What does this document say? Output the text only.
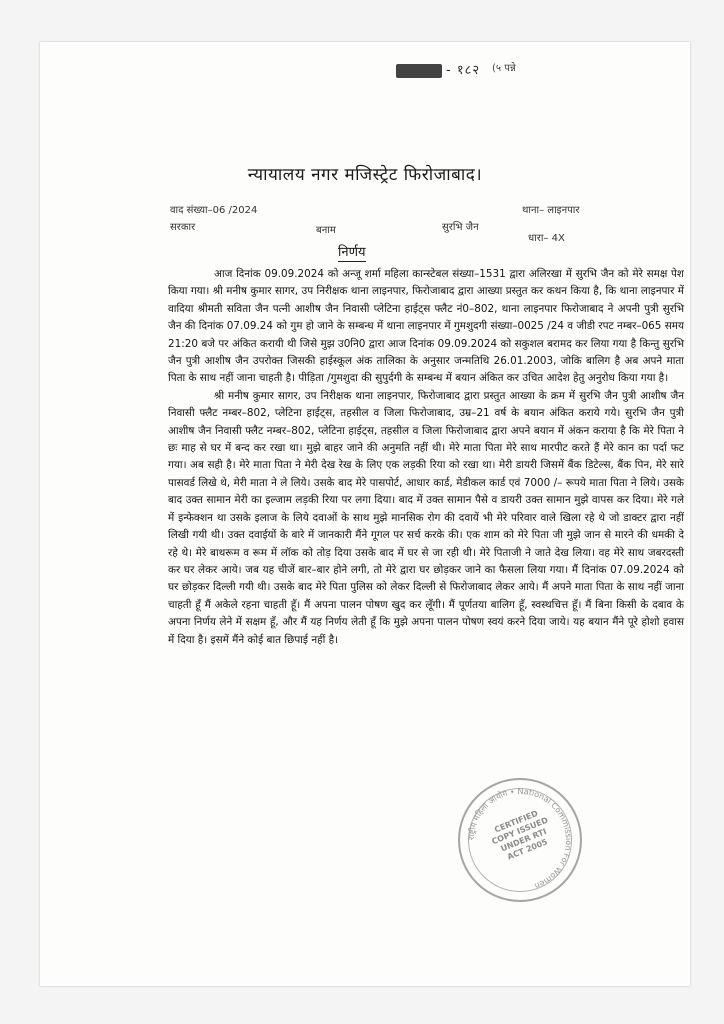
- १८२ (५ पन्ने
न्यायालय नगर मजिस्ट्रेट फिरोजाबाद।
वाद संख्या–06 /2024	थाना– लाइनपार
सरकार	बनाम	सुरभि जैन
धारा– 4X
निर्णय

आज दिनांक 09.09.2024 को अन्जू शर्मा महिला कान्स्टेबल संख्या–1531 द्वारा अलिरखा में सुरभि जैन को मेरे समक्ष पेश किया गया। श्री मनीष कुमार सागर, उप निरीक्षक थाना लाइनपार, फिरोजाबाद द्वारा आख्या प्रस्तुत कर कथन किया है, कि थाना लाइनपार में वादिया श्रीमती सविता जैन पत्नी आशीष जैन निवासी प्लेटिना हाईट्स फ्लैट नं0–802, थाना लाइनपार फिरोजाबाद ने अपनी पुत्री सुरभि जैन की दिनांक 07.09.24 को गुम हो जाने के सम्बन्ध में थाना लाइनपार में गुमशुदगी संख्या–0025 /24 व जीडी रपट नम्बर–065 समय 21:20 बजे पर अंकित करायी थी जिसे मुझ उ0नि0 द्वारा आज दिनांक 09.09.2024 को सकुशल बरामद कर लिया गया है किन्तु सुरभि जैन पुत्री आशीष जैन उपरोक्त जिसकी हाईस्कूल अंक तालिका के अनुसार जन्मतिथि 26.01.2003, जोकि बालिग है अब अपने माता पिता के साथ नहीं जाना चाहती है। पीड़िता /गुमशुदा की सुपुर्दगी के सम्बन्ध में बयान अंकित कर उचित आदेश हेतु अनुरोध किया गया है।

श्री मनीष कुमार सागर, उप निरीक्षक थाना लाइनपार, फिरोजाबाद द्वारा प्रस्तुत आख्या के क्रम में सुरभि जैन पुत्री आशीष जैन निवासी फ्लैट नम्बर–802, प्लेटिना हाईट्स, तहसील व जिला फिरोजाबाद, उम्र–21 वर्ष के बयान अंकित कराये गये। सुरभि जैन पुत्री आशीष जैन निवासी फ्लैट नम्बर–802, प्लेटिना हाईट्स, तहसील व जिला फिरोजाबाद द्वारा अपने बयान में अंकन कराया है कि मेरे पिता ने छः माह से घर में बन्द कर रखा था। मुझे बाहर जाने की अनुमति नहीं थी। मेरे माता पिता मेरे साथ मारपीट करते हैं मेरे कान का पर्दा फट गया। अब सही है। मेरे माता पिता ने मेरी देख रेख के लिए एक लड़की रिया को रखा था। मेरी डायरी जिसमें बैंक डिटेल्स, बैंक पिन, मेरे सारे पासवर्ड लिखे थे, मेरी माता ने ले लिये। उसके बाद मेरे पासपोर्ट, आधार कार्ड, मेडीकल कार्ड एवं 7000 /– रूपये माता पिता ने लिये। उसके बाद उक्त सामान मेरी का इल्जाम लड़की रिया पर लगा दिया। बाद में उक्त सामान पैसे व डायरी उक्त सामान मुझे वापस कर दिया। मेरे गले में इन्फेक्शन था उसके इलाज के लिये दवाओं के साथ मुझे मानसिक रोग की दवायें भी मेरे परिवार वाले खिला रहे थे जो डाक्टर द्वारा नहीं लिखी गयी थी। उक्त दवाईयों के बारे में जानकारी मैंने गूगल पर सर्च करके की। एक शाम को मेरे पिता जी मुझे जान से मारने की धमकी दे रहे थे। मेरे बाथरूम व रूम में लॉक को तोड़ दिया उसके बाद में घर से जा रही थी। मेरे पिताजी ने जाते देख लिया। वह मेरे साथ जबरदस्ती कर घर लेकर आये। जब यह चीजें बार–बार होने लगी, तो मेरे द्वारा घर छोड़कर जाने का फैसला लिया गया। मैं दिनांक 07.09.2024 को घर छोड़कर दिल्ली गयी थी। उसके बाद मेरे पिता पुलिस को लेकर दिल्ली से फिरोजाबाद लेकर आये। मैं अपने माता पिता के साथ नहीं जाना चाहती हूँ मैं अकेले रहना चाहती हूँ। मैं अपना पालन पोषण खुद कर लूँगी। मैं पूर्णतया बालिग हूँ, स्वस्थचित्त हूँ। मैं बिना किसी के दबाव के अपना निर्णय लेने में सक्षम हूँ, और मैं यह निर्णय लेती हूँ कि मुझे अपना पालन पोषण स्वयं करने दिया जाये। यह बयान मैंने पूरे होशो हवास में दिया है। इसमें मैंने कोई बात छिपाई नहीं है।

राष्ट्रीय महिला आयोग • National Commission For Women
CERTIFIED COPY ISSUED UNDER RTI ACT 2005
